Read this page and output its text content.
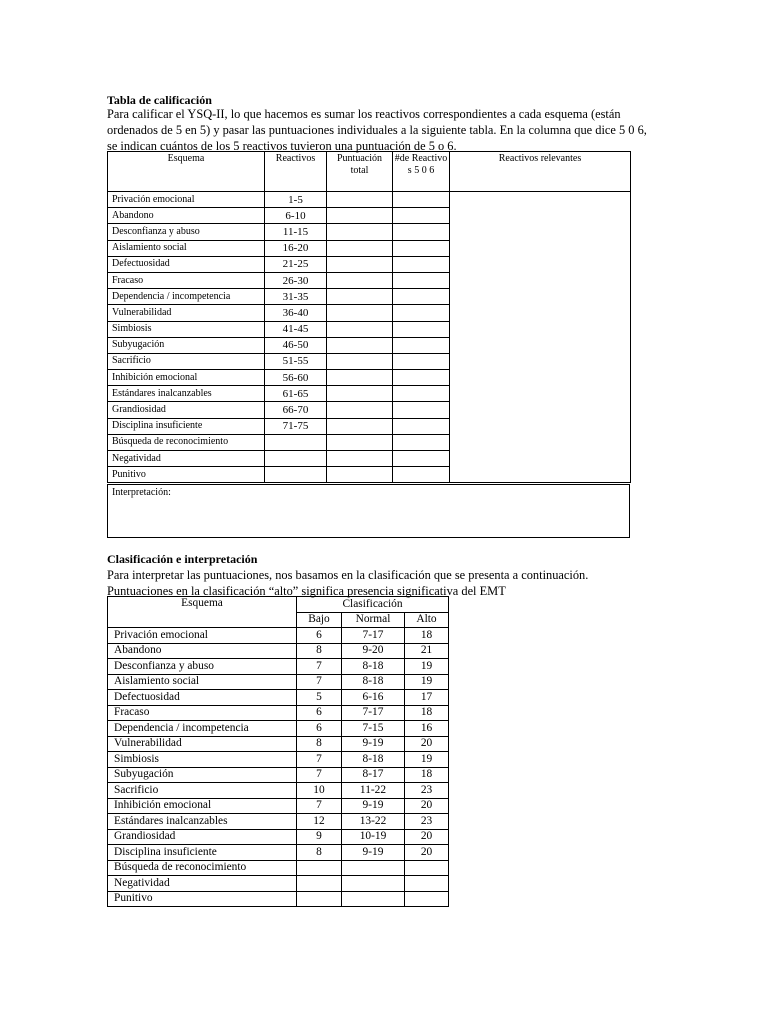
Tabla de calificación
Para calificar el YSQ-II, lo que hacemos es sumar los reactivos correspondientes a cada esquema (están
ordenados de 5 en 5) y pasar las puntuaciones individuales a la siguiente tabla. En la columna que dice 5 0 6,
se indican cuántos de los 5 reactivos tuvieron una puntuación de 5 o 6.
Esquema	Reactivos	Puntuación total	#de Reactivo s 5 0 6	Reactivos relevantes
Privación emocional	1-5			
Abandono	6-10			
Desconfianza y abuso	11-15			
Aislamiento social	16-20			
Defectuosidad	21-25			
Fracaso	26-30			
Dependencia / incompetencia	31-35			
Vulnerabilidad	36-40			
Simbiosis	41-45			
Subyugación	46-50			
Sacrificio	51-55			
Inhibición emocional	56-60			
Estándares inalcanzables	61-65			
Grandiosidad	66-70			
Disciplina insuficiente	71-75			
Búsqueda de reconocimiento				
Negatividad				
Punitivo				
Interpretación:
Clasificación e interpretación
Para interpretar las puntuaciones, nos basamos en la clasificación que se presenta a continuación.
Puntuaciones en la clasificación “alto” significa presencia significativa del EMT
Esquema	Clasificación		
	Bajo	Normal	Alto
Privación emocional	6	7-17	18
Abandono	8	9-20	21
Desconfianza y abuso	7	8-18	19
Aislamiento social	7	8-18	19
Defectuosidad	5	6-16	17
Fracaso	6	7-17	18
Dependencia / incompetencia	6	7-15	16
Vulnerabilidad	8	9-19	20
Simbiosis	7	8-18	19
Subyugación	7	8-17	18
Sacrificio	10	11-22	23
Inhibición emocional	7	9-19	20
Estándares inalcanzables	12	13-22	23
Grandiosidad	9	10-19	20
Disciplina insuficiente	8	9-19	20
Búsqueda de reconocimiento			
Negatividad			
Punitivo			
